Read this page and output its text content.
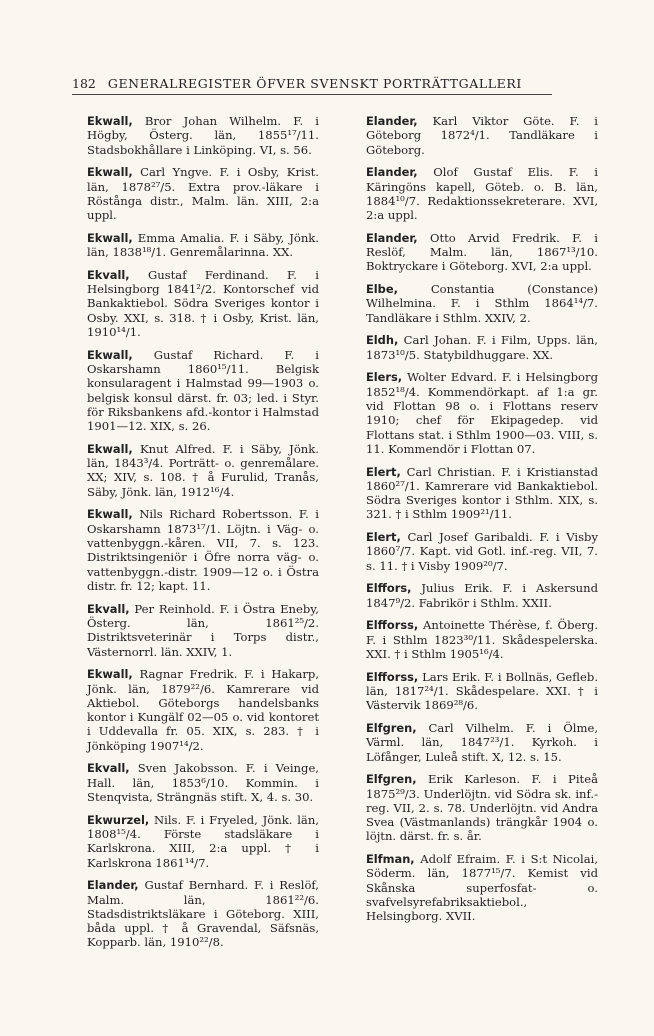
182 GENERALREGISTER ÖFVER SVENSKT PORTRÄTTGALLERI

Ekwall, Bror Johan Wilhelm. F. i Högby, Österg. län, 1855¹⁷/11. Stadsbokhållare i Linköping. VI, s. 56.

Ekwall, Carl Yngve. F. i Osby, Krist. län, 1878²⁷/5. Extra prov.-läkare i Röstånga distr., Malm. län. XIII, 2:a uppl.

Ekwall, Emma Amalia. F. i Säby, Jönk. län, 1838¹⁸/1. Genremålarinna. XX.

Ekvall, Gustaf Ferdinand. F. i Helsingborg 1841²/2. Kontorschef vid Bankaktiebol. Södra Sveriges kontor i Osby. XXI, s. 318. † i Osby, Krist. län, 1910¹⁴/1.

Ekwall, Gustaf Richard. F. i Oskarshamn 1860¹⁵/11. Belgisk konsularagent i Halmstad 99—1903 o. belgisk konsul därst. fr. 03; led. i Styr. för Riksbankens afd.-kontor i Halmstad 1901—12. XIX, s. 26.

Ekwall, Knut Alfred. F. i Säby, Jönk. län, 1843³/4. Porträtt- o. genremålare. XX; XIV, s. 108. † å Furulid, Tranås, Säby, Jönk. län, 1912¹⁶/4.

Ekwall, Nils Richard Robertsson. F. i Oskarshamn 1873¹⁷/1. Löjtn. i Väg- o. vattenbyggn.-kåren. VII, 7. s. 123. Distriktsingeniör i Öfre norra väg- o. vattenbyggn.-distr. 1909—12 o. i Östra distr. fr. 12; kapt. 11.

Ekvall, Per Reinhold. F. i Östra Eneby, Österg. län, 1861²⁵/2. Distriktsveterinär i Torps distr., Västernorrl. län. XXIV, 1.

Ekwall, Ragnar Fredrik. F. i Hakarp, Jönk. län, 1879²²/6. Kamrerare vid Aktiebol. Göteborgs handelsbanks kontor i Kungälf 02—05 o. vid kontoret i Uddevalla fr. 05. XIX, s. 283. † i Jönköping 1907¹⁴/2.

Ekvall, Sven Jakobsson. F. i Veinge, Hall. län, 1853⁶/10. Kommin. i Stenqvista, Strängnäs stift. X, 4. s. 30.

Ekwurzel, Nils. F. i Fryeled, Jönk. län, 1808¹⁵/4. Förste stadsläkare i Karlskrona. XIII, 2:a uppl. † i Karlskrona 1861¹⁴/7.

Elander, Gustaf Bernhard. F. i Reslöf, Malm. län, 1861²²/6. Stadsdistriktsläkare i Göteborg. XIII, båda uppl. † å Gravendal, Säfsnäs, Kopparb. län, 1910²²/8.

Elander, Karl Viktor Göte. F. i Göteborg 1872⁴/1. Tandläkare i Göteborg.

Elander, Olof Gustaf Elis. F. i Käringöns kapell, Göteb. o. B. län, 1884¹⁰/7. Redaktionssekreterare. XVI, 2:a uppl.

Elander, Otto Arvid Fredrik. F. i Reslöf, Malm. län, 1867¹³/10. Boktryckare i Göteborg. XVI, 2:a uppl.

Elbe,	Constantia (Constance) Wilhelmina. F. i Sthlm 1864¹⁴/7. Tandläkare i Sthlm. XXIV, 2.

Eldh, Carl Johan. F. i Film, Upps. län, 1873¹⁰/5. Statybildhuggare. XX.

Elers, Wolter Edvard. F. i Helsingborg 1852¹⁸/4. Kommendörkapt. af 1:a gr. vid Flottan 98 o. i Flottans reserv 1910; chef för Ekipagedep. vid Flottans stat. i Sthlm 1900—03. VIII, s. 11. Kommendör i Flottan 07.

Elert, Carl Christian. F. i Kristianstad 1860²⁷/1. Kamrerare vid Bankaktiebol. Södra Sveriges kontor i Sthlm. XIX, s. 321. † i Sthlm 1909²¹/11.

Elert, Carl Josef Garibaldi. F. i Visby 1860⁷/7. Kapt. vid Gotl. inf.-reg. VII, 7. s. 11. † i Visby 1909²⁰/7.

Elffors, Julius Erik. F. i Askersund 1847⁹/2. Fabrikör i Sthlm. XXII.

Elfforss, Antoinette Thérèse, f. Öberg. F. i Sthlm 1823³⁰/11. Skådespelerska. XXI. † i Sthlm 1905¹⁶/4.

Elfforss, Lars Erik. F. i Bollnäs, Gefleb. län, 1817²⁴/1. Skådespelare. XXI. † i Västervik 1869²⁸/6.

Elfgren, Carl Vilhelm. F. i Ölme, Värml. län, 1847²³/1. Kyrkoh. i Löfånger, Luleå stift. X, 12. s. 15.

Elfgren, Erik Karleson. F. i Piteå 1875²⁹/3. Underlöjtn. vid Södra sk. inf.-reg. VII, 2. s. 78. Underlöjtn. vid Andra Svea (Västmanlands) trängkår 1904 o. löjtn. därst. fr. s. år.

Elfman, Adolf Efraim. F. i S:t Nicolai, Söderm. län, 1877¹⁵/7. Kemist vid Skånska superfosfat- o. svafvelsyrefabriksaktiebol., Helsingborg. XVII.
